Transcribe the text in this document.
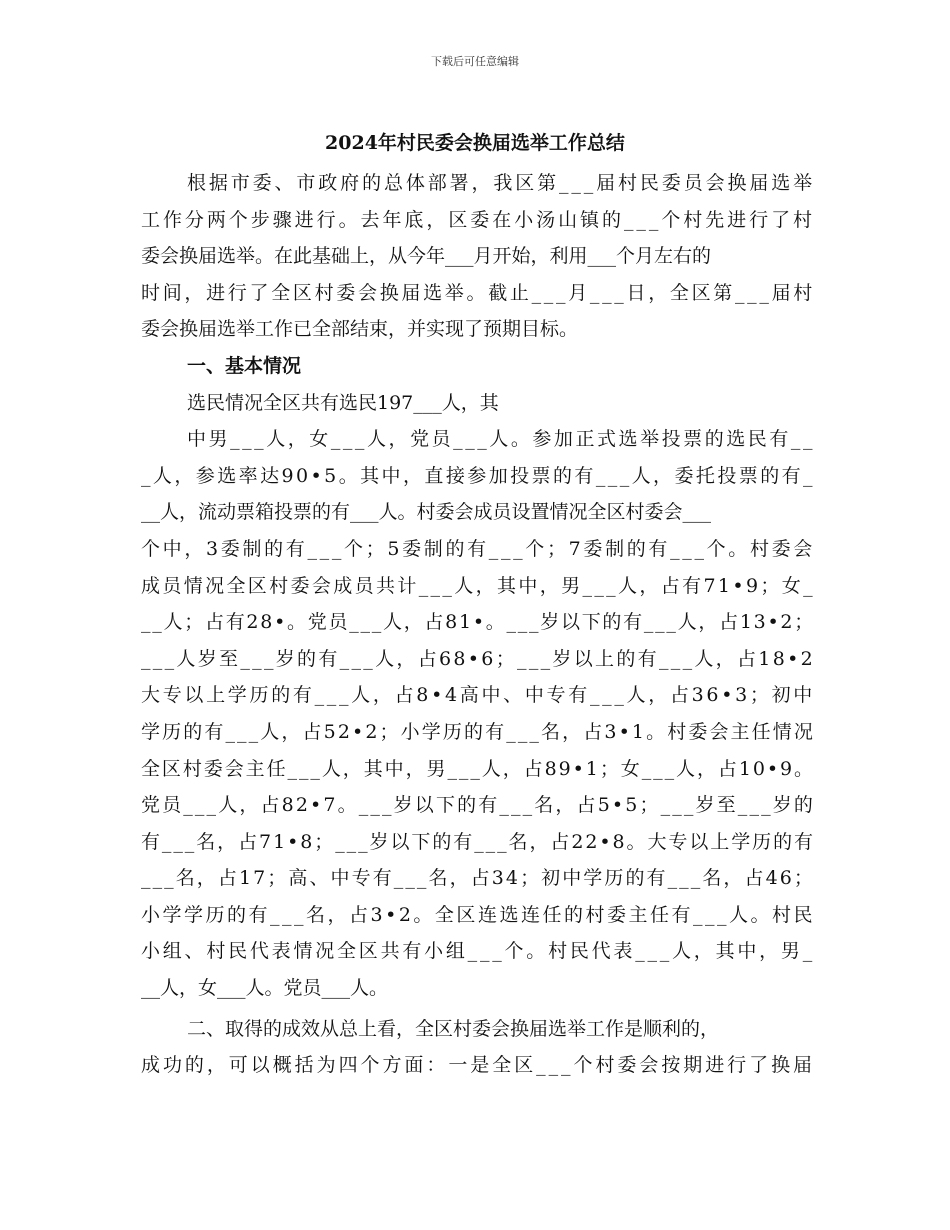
下载后可任意编辑
2024年村民委会换届选举工作总结
根据市委、市政府的总体部署，我区第___届村民委员会换届选举
工作分两个步骤进行。去年底，区委在小汤山镇的___个村先进行了村
委会换届选举。在此基础上，从今年___月开始，利用___个月左右的
时间，进行了全区村委会换届选举。截止___月___日，全区第___届村
委会换届选举工作已全部结束，并实现了预期目标。
一、基本情况
选民情况全区共有选民197___人，其
中男___人，女___人，党员___人。参加正式选举投票的选民有__
_人，参选率达90•5。其中，直接参加投票的有___人，委托投票的有_
__人，流动票箱投票的有___人。村委会成员设置情况全区村委会___
个中，3委制的有___个；5委制的有___个；7委制的有___个。村委会
成员情况全区村委会成员共计___人，其中，男___人，占有71•9；女_
__人；占有28•。党员___人，占81•。___岁以下的有___人，占13•2；
___人岁至___岁的有___人，占68•6；___岁以上的有___人，占18•2
大专以上学历的有___人，占8•4高中、中专有___人，占36•3；初中
学历的有___人，占52•2；小学历的有___名，占3•1。村委会主任情况
全区村委会主任___人，其中，男___人，占89•1；女___人，占10•9。
党员___人，占82•7。___岁以下的有___名，占5•5；___岁至___岁的
有___名，占71•8；___岁以下的有___名，占22•8。大专以上学历的有
___名，占17；高、中专有___名，占34；初中学历的有___名，占46；
小学学历的有___名，占3•2。全区连选连任的村委主任有___人。村民
小组、村民代表情况全区共有小组___个。村民代表___人，其中，男_
__人，女___人。党员___人。
二、取得的成效从总上看，全区村委会换届选举工作是顺利的，
成功的，可以概括为四个方面：一是全区___个村委会按期进行了换届
